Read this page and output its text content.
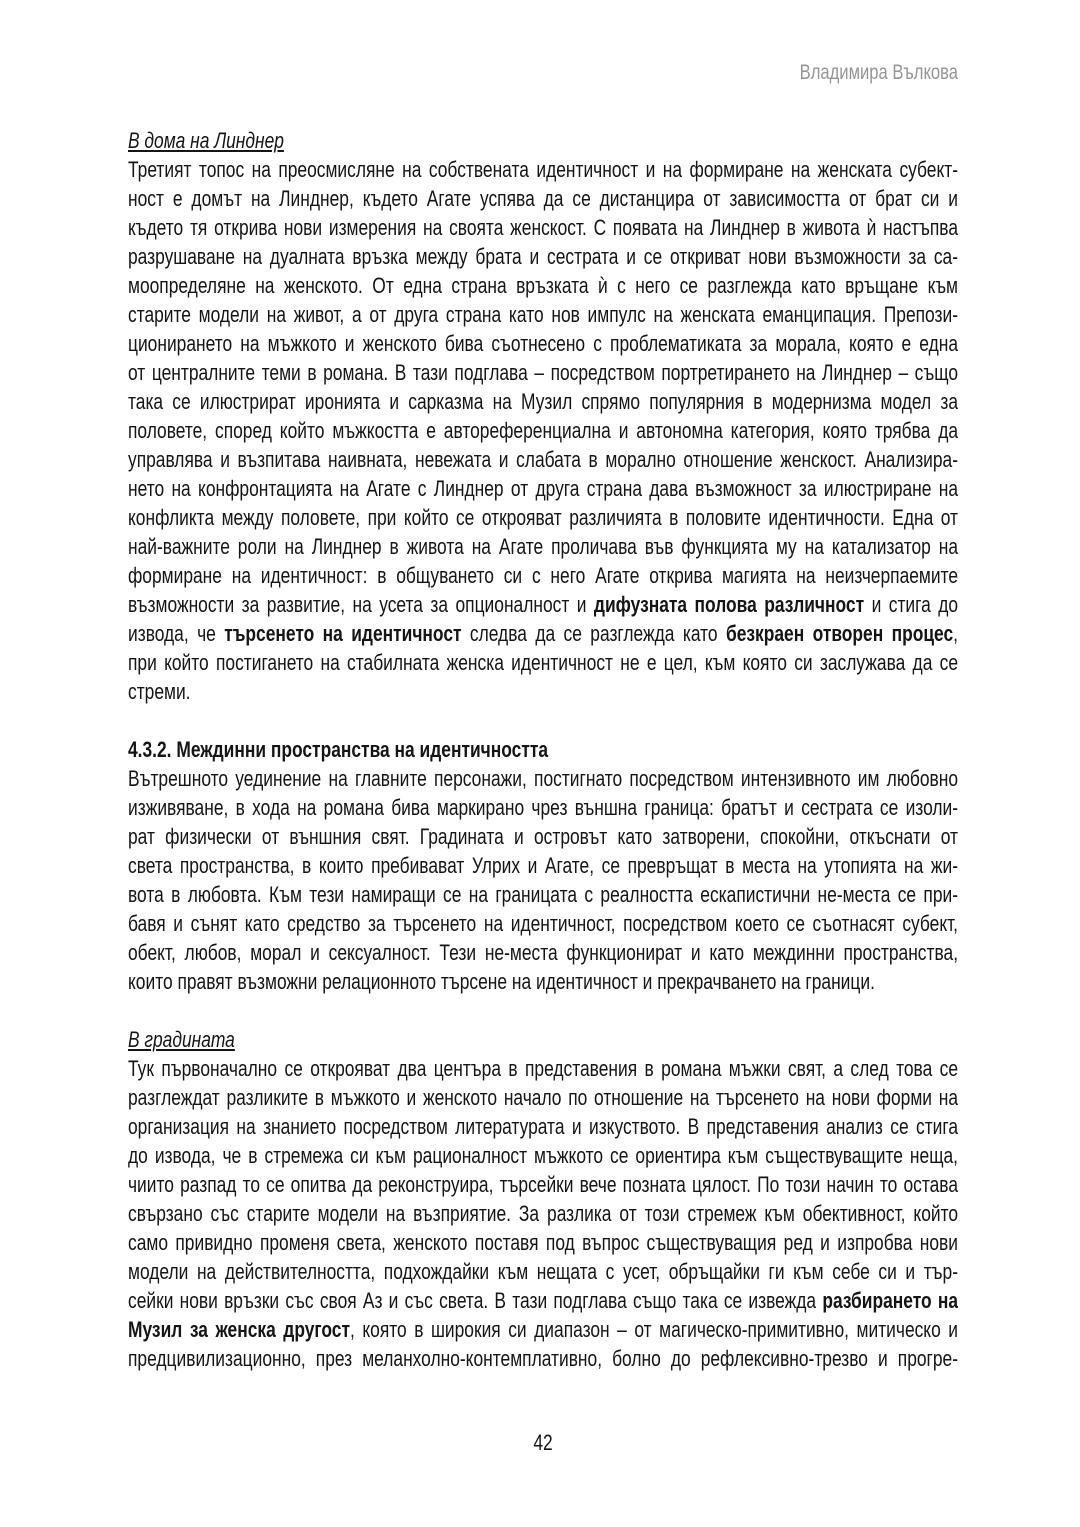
Владимира Вълкова
В дома на Линднер
Третият топос на преосмисляне на собствената идентичност и на формиране на женската субект-
ност е домът на Линднер, където Агате успява да се дистанцира от зависимостта от брат си и
където тя открива нови измерения на своята женскост. С появата на Линднер в живота ѝ настъпва
разрушаване на дуалната връзка между брата и сестрата и се откриват нови възможности за са-
моопределяне на женското. От една страна връзката ѝ с него се разглежда като връщане към
старите модели на живот, а от друга страна като нов импулс на женската еманципация. Препози-
ционирането на мъжкото и женското бива съотнесено с проблематиката за морала, която е една
от централните теми в романа. В тази подглава – посредством портретирането на Линднер – също
така се илюстрират иронията и сарказма на Музил спрямо популярния в модернизма модел за
половете, според който мъжкостта е автореференциална и автономна категория, която трябва да
управлява и възпитава наивната, невежата и слабата в морално отношение женскост. Анализира-
нето на конфронтацията на Агате с Линднер от друга страна дава възможност за илюстриране на
конфликта между половете, при който се открояват различията в половите идентичности. Една от
най-важните роли на Линднер в живота на Агате проличава във функцията му на катализатор на
формиране на идентичност: в общуването си с него Агате открива магията на неизчерпаемите
възможности за развитие, на усета за опционалност и дифузната полова различност и стига до
извода, че търсенето на идентичност следва да се разглежда като безкраен отворен процес,
при който постигането на стабилната женска идентичност не е цел, към която си заслужава да се
стреми.
4.3.2. Междинни пространства на идентичността
Вътрешното уединение на главните персонажи, постигнато посредством интензивното им любовно
изживяване, в хода на романа бива маркирано чрез външна граница: братът и сестрата се изоли-
рат физически от външния свят. Градината и островът като затворени, спокойни, откъснати от
света пространства, в които пребивават Улрих и Агате, се превръщат в места на утопията на жи-
вота в любовта. Към тези намиращи се на границата с реалността ескапистични не-места се при-
бавя и сънят като средство за търсенето на идентичност, посредством което се съотнасят субект,
обект, любов, морал и сексуалност. Тези не-места функционират и като междинни пространства,
които правят възможни релационното търсене на идентичност и прекрачването на граници.
В градината
Тук първоначално се открояват два центъра в представения в романа мъжки свят, а след това се
разглеждат разликите в мъжкото и женското начало по отношение на търсенето на нови форми на
организация на знанието посредством литературата и изкуството. В представения анализ се стига
до извода, че в стремежа си към рационалност мъжкото се ориентира към съществуващите неща,
чиито разпад то се опитва да реконструира, търсейки вече позната цялост. По този начин то остава
свързано със старите модели на възприятие. За разлика от този стремеж към обективност, който
само привидно променя света, женското поставя под въпрос съществуващия ред и изпробва нови
модели на действителността, подхождайки към нещата с усет, обръщайки ги към себе си и тър-
сейки нови връзки със своя Аз и със света. В тази подглава също така се извежда разбирането на
Музил за женска другост, която в широкия си диапазон – от магическо-примитивно, митическо и
предцивилизационно, през меланхолно-контемплативно, болно до рефлексивно-трезво и прогре-
42
